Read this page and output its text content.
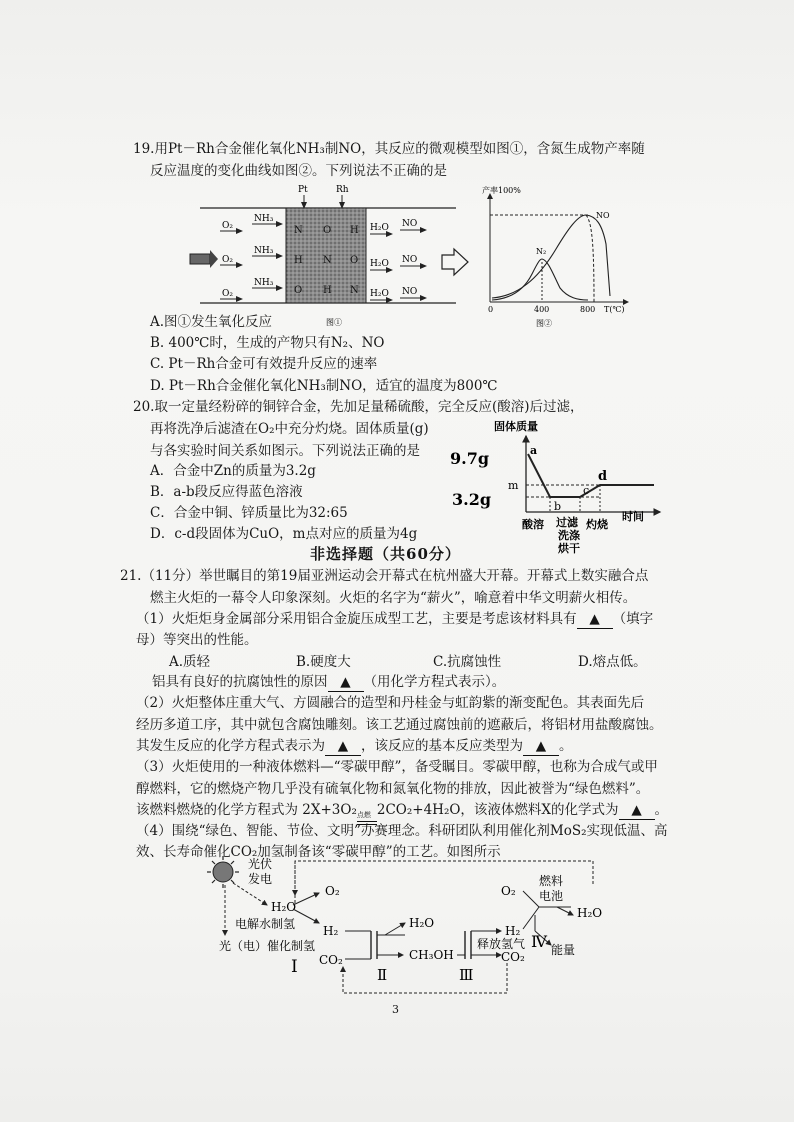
19.用Pt－Rh合金催化氧化NH₃制NO，其反应的微观模型如图①，含氮生成物产率随
反应温度的变化曲线如图②。下列说法不正确的是
Pt	Rh
N O H
H N O
O H N
O₂
NH₃
O₂
NH₃
O₂
NH₃
H₂O NO
H₂O NO
H₂O NO
图①
产率100%
NO
N₂
0	400	800 T(℃)
图②
A.图①发生氧化反应
B. 400℃时，生成的产物只有N₂、NO
C. Pt－Rh合金可有效提升反应的速率
D. Pt－Rh合金催化氧化NH₃制NO，适宜的温度为800℃
20.取一定量经粉碎的铜锌合金，先加足量稀硫酸，完全反应(酸溶)后过滤，
再将洗净后滤渣在O₂中充分灼烧。固体质量(g)
与各实验时间关系如图示。下列说法正确的是
A．合金中Zn的质量为3.2g
B．a-b段反应得蓝色溶液
C．合金中铜、锌质量比为32:65
D．c-d段固体为CuO，m点对应的质量为4g
固体质量
9.7g
m
3.2g
a
b
c
d
酸溶 过滤
洗涤
烘干
灼烧
时间
非选择题（共60分）
21.（11分）举世瞩目的第19届亚洲运动会开幕式在杭州盛大开幕。开幕式上数实融合点
燃主火炬的一幕令人印象深刻。火炬的名字为“薪火”，喻意着中华文明薪火相传。
（1）火炬炬身金属部分采用铝合金旋压成型工艺，主要是考虑该材料具有 ▲ （填字
母）等突出的性能。
A.质轻	B.硬度大	C.抗腐蚀性	D.熔点低。
铝具有良好的抗腐蚀性的原因 ▲ （用化学方程式表示）。
（2）火炬整体庄重大气、方圆融合的造型和丹桂金与虹韵紫的渐变配色。其表面先后
经历多道工序，其中就包含腐蚀雕刻。该工艺通过腐蚀前的遮蔽后，将铝材用盐酸腐蚀。
其发生反应的化学方程式表示为 ▲ ，该反应的基本反应类型为 ▲ 。
（3）火炬使用的一种液体燃料—“零碳甲醇”，备受瞩目。零碳甲醇，也称为合成气或甲
醇燃料，它的燃烧产物几乎没有硫氧化物和氮氧化物的排放，因此被誉为“绿色燃料”。
该燃料燃烧的化学方程式为 2X+3O₂ 点燃 2CO₂+4H₂O，该液体燃料X的化学式为 ▲ 。
（4）围绕“绿色、智能、节俭、文明”办赛理念。科研团队利用催化剂MoS₂实现低温、高
效、长寿命催化CO₂加氢制备该“零碳甲醇”的工艺。如图所示
光伏
发电
H₂O
O₂
电解水制氢 H₂
光（电）催化制氢
Ⅰ CO₂
Ⅱ
H₂O
CH₃OH
Ⅲ
H₂
释放氢气
CO₂
O₂
燃料
电池
H₂O
Ⅳ 能量
3
